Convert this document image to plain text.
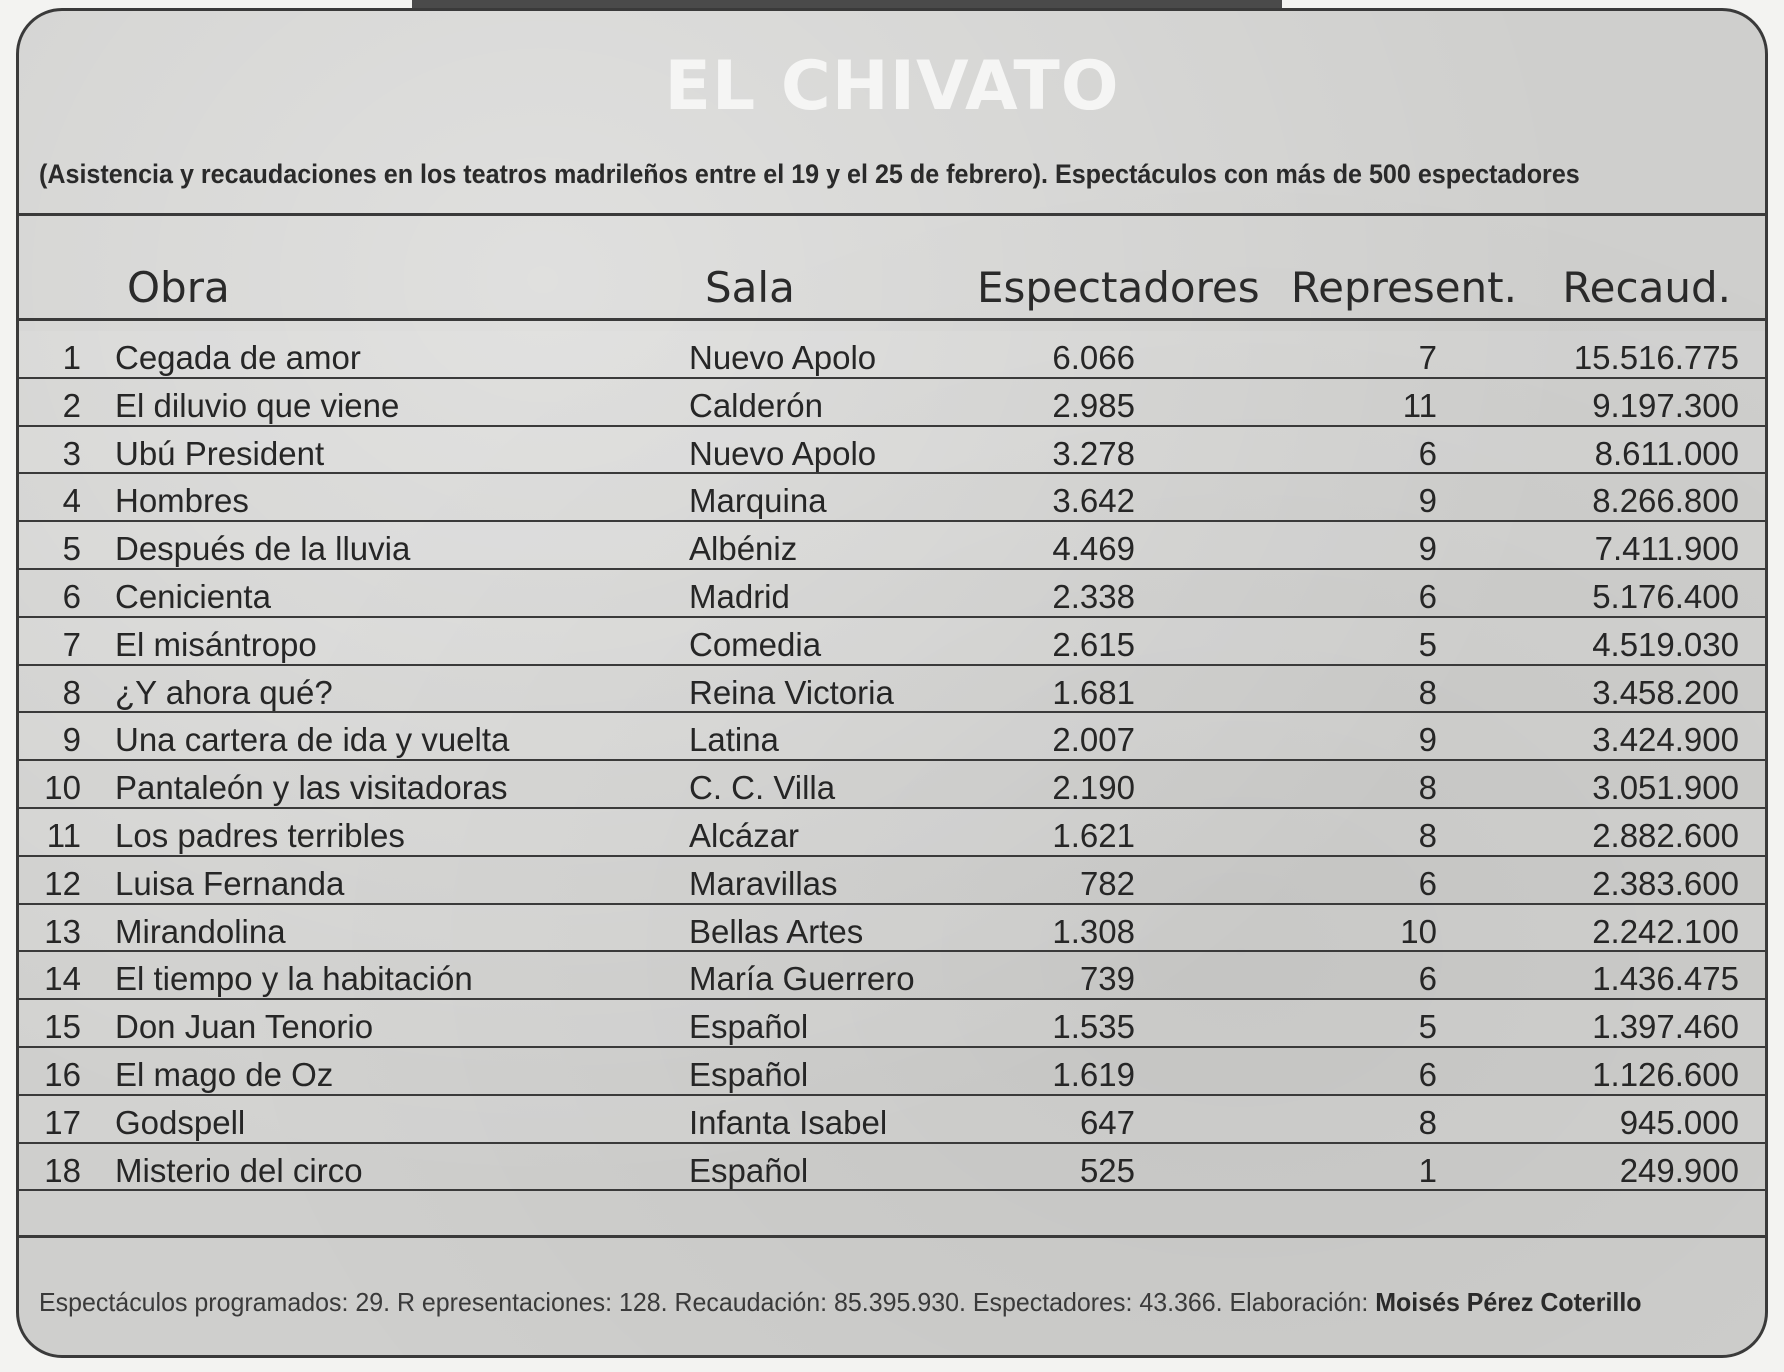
EL CHIVATO
(Asistencia y recaudaciones en los teatros madrileños entre el 19 y el 25 de febrero). Espectáculos con más de 500 espectadores
Obra	Sala	Espectadores Represent. Recaud.
1 Cegada de amor	Nuevo Apolo	6.066	7	15.516.775
2 El diluvio que viene	Calderón	2.985	11	9.197.300
3 Ubú President	Nuevo Apolo	3.278	6	8.611.000
4 Hombres	Marquina	3.642	9	8.266.800
5 Después de la lluvia	Albéniz	4.469	9	7.411.900
6 Cenicienta	Madrid	2.338	6	5.176.400
7 El misántropo	Comedia	2.615	5	4.519.030
8 ¿Y ahora qué?	Reina Victoria	1.681	8	3.458.200
9 Una cartera de ida y vuelta	Latina	2.007	9	3.424.900
10 Pantaleón y las visitadoras	C. C. Villa	2.190	8	3.051.900
11 Los padres terribles	Alcázar	1.621	8	2.882.600
12 Luisa Fernanda	Maravillas	782	6	2.383.600
13 Mirandolina	Bellas Artes	1.308	10	2.242.100
14 El tiempo y la habitación	María Guerrero	739	6	1.436.475
15 Don Juan Tenorio	Español	1.535	5	1.397.460
16 El mago de Oz	Español	1.619	6	1.126.600
17 Godspell	Infanta Isabel	647	8	945.000
18 Misterio del circo	Español	525	1	249.900
Espectáculos programados: 29. R epresentaciones: 128. Recaudación: 85.395.930. Espectadores: 43.366. Elaboración: Moisés Pérez Coterillo
